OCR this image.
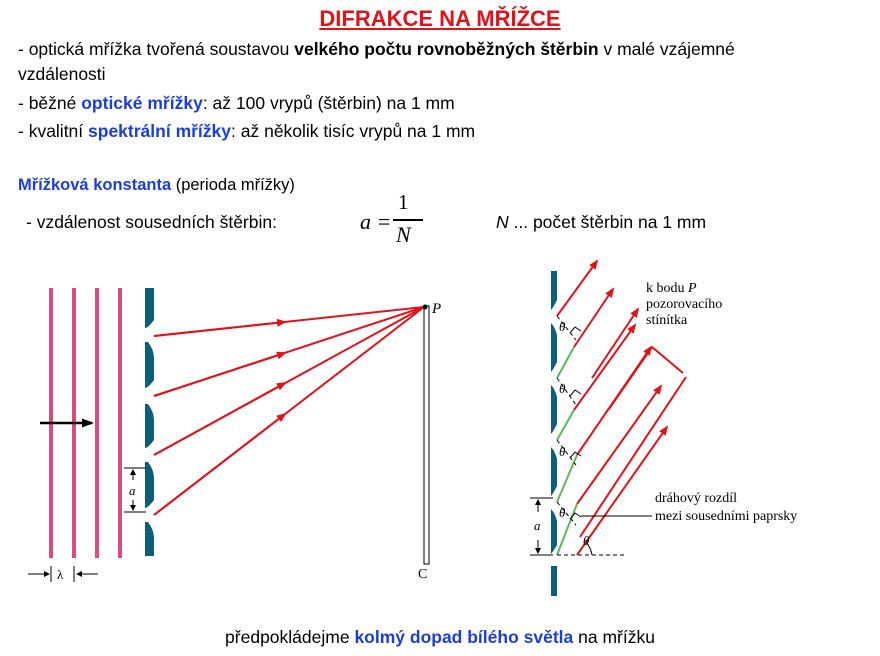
DIFRAKCE NA MŘÍŽCE
- optická mřížka tvořená soustavou velkého počtu rovnoběžných štěrbin v malé vzájemné
vzdálenosti
- běžné optické mřížky: až 100 vrypů (štěrbin) na 1 mm
- kvalitní spektrální mřížky: až několik tisíc vrypů na 1 mm
Mřížková konstanta (perioda mřížky)
- vzdálenost sousedních štěrbin:	a =
1
N	N ... počet štěrbin na 1 mm
P
C
a
λ
θ
θ
θ
θ
θ
a
k bodu P
pozorovacího
stínítka
dráhový rozdíl
mezi sousedními paprsky
předpokládejme kolmý dopad bílého světla na mřížku
